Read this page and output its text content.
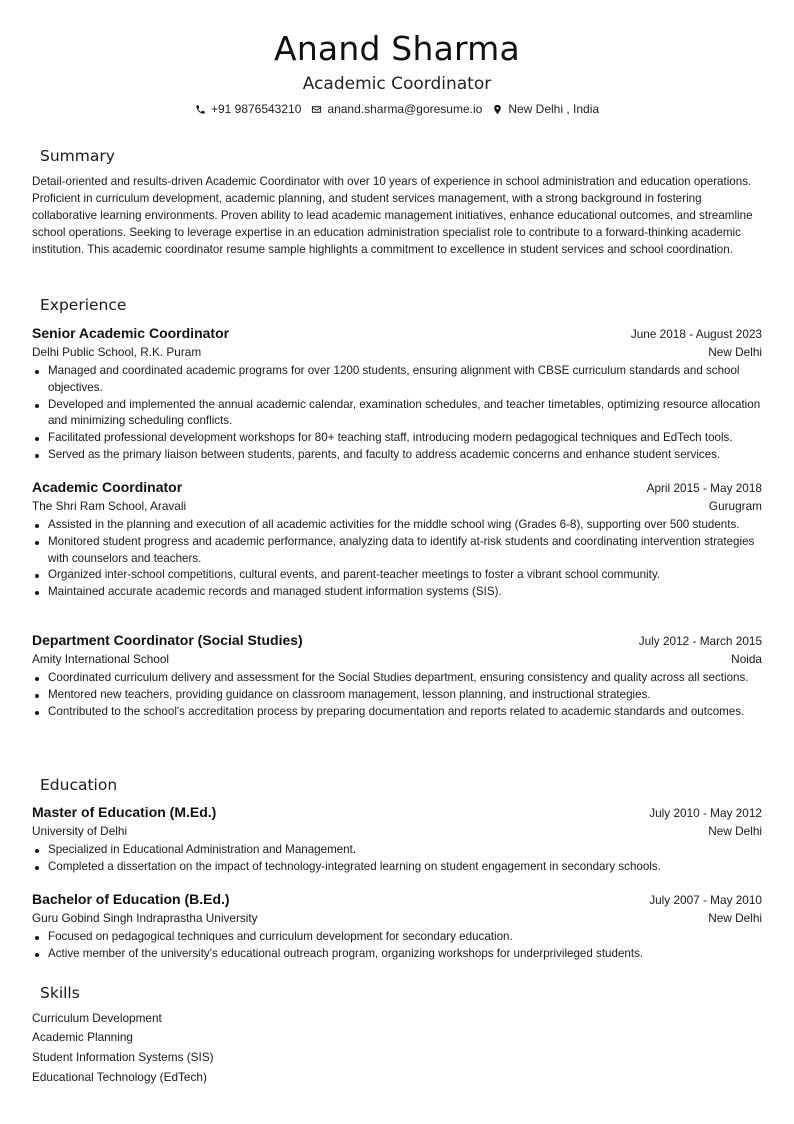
Anand Sharma
Academic Coordinator
+91 9876543210 anand.sharma@goresume.io New Delhi , India
Summary

Detail-oriented and results-driven Academic Coordinator with over 10 years of experience in school administration and education operations. Proficient in curriculum development, academic planning, and student services management, with a strong background in fostering collaborative learning environments. Proven ability to lead academic management initiatives, enhance educational outcomes, and streamline school operations. Seeking to leverage expertise in an education administration specialist role to contribute to a forward-thinking academic institution. This academic coordinator resume sample highlights a commitment to excellence in student services and school coordination.

Experience
Senior Academic Coordinator	June 2018 - August 2023
Delhi Public School, R.K. Puram	New Delhi
Managed and coordinated academic programs for over 1200 students, ensuring alignment with CBSE curriculum standards and school objectives.
Developed and implemented the annual academic calendar, examination schedules, and teacher timetables, optimizing resource allocation and minimizing scheduling conflicts.
Facilitated professional development workshops for 80+ teaching staff, introducing modern pedagogical techniques and EdTech tools.
Served as the primary liaison between students, parents, and faculty to address academic concerns and enhance student services.
Academic Coordinator	April 2015 - May 2018
The Shri Ram School, Aravali	Gurugram
Assisted in the planning and execution of all academic activities for the middle school wing (Grades 6-8), supporting over 500 students.
Monitored student progress and academic performance, analyzing data to identify at-risk students and coordinating intervention strategies with counselors and teachers.
Organized inter-school competitions, cultural events, and parent-teacher meetings to foster a vibrant school community.
Maintained accurate academic records and managed student information systems (SIS).
Department Coordinator (Social Studies)	July 2012 - March 2015
Amity International School	Noida
Coordinated curriculum delivery and assessment for the Social Studies department, ensuring consistency and quality across all sections.
Mentored new teachers, providing guidance on classroom management, lesson planning, and instructional strategies.
Contributed to the school's accreditation process by preparing documentation and reports related to academic standards and outcomes.
Education
Master of Education (M.Ed.)	July 2010 - May 2012
University of Delhi	New Delhi
Specialized in Educational Administration and Management.
Completed a dissertation on the impact of technology-integrated learning on student engagement in secondary schools.
Bachelor of Education (B.Ed.)	July 2007 - May 2010
Guru Gobind Singh Indraprastha University	New Delhi
Focused on pedagogical techniques and curriculum development for secondary education.
Active member of the university's educational outreach program, organizing workshops for underprivileged students.
Skills
Curriculum Development
Academic Planning
Student Information Systems (SIS)
Educational Technology (EdTech)
